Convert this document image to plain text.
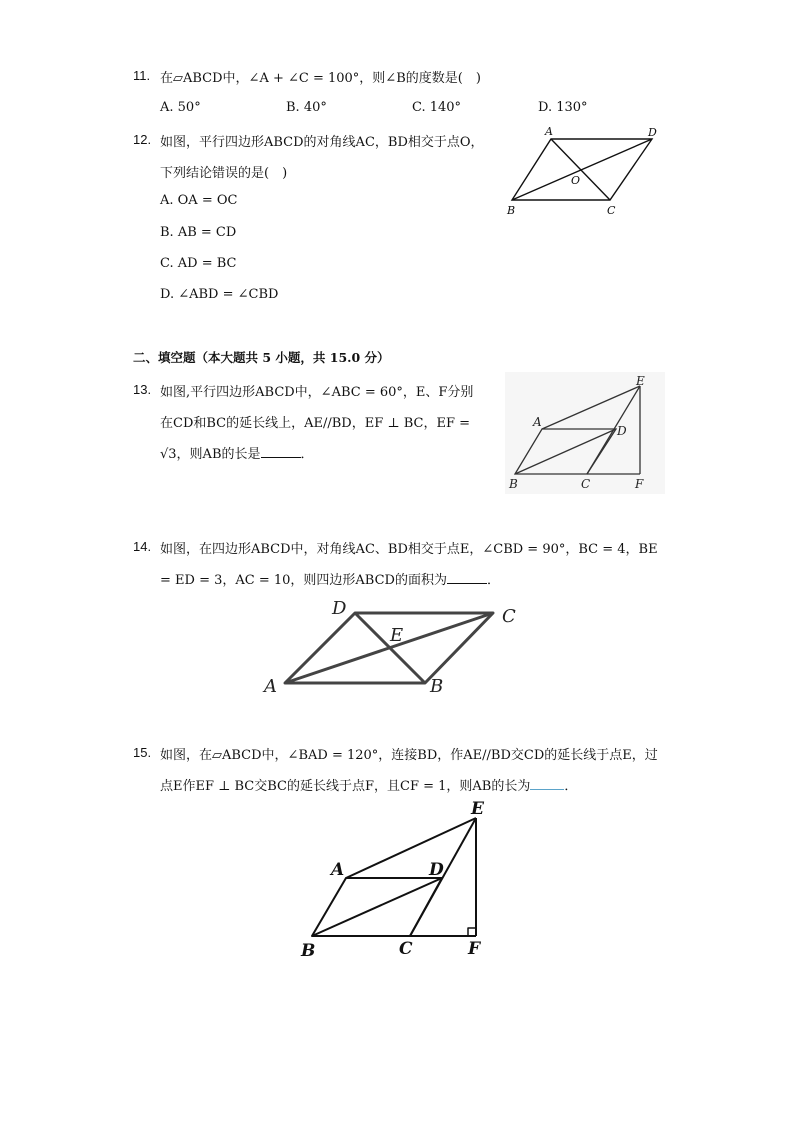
11. 在▱ABCD中，∠A + ∠C = 100°，则∠B的度数是(　)
A. 50°	B. 40°	C. 140°	D. 130°
12. 如图，平行四边形ABCD的对角线AC，BD相交于点O，
下列结论错误的是(　)
A. OA = OC
B. AB = CD
C. AD = BC
D. ∠ABD = ∠CBD
A	D
O
B	C
二、填空题（本大题共 5 小题，共 15.0 分）
13. 如图,平行四边形ABCD中，∠ABC = 60°，E、F分别
在CD和BC的延长线上，AE//BD，EF ⊥ BC，EF =
√3，则AB的长是	．
E
A
D
B	C	F
14. 如图，在四边形ABCD中，对角线AC、BD相交于点E，∠CBD = 90°，BC = 4，BE
= ED = 3，AC = 10，则四边形ABCD的面积为	．
D	C
E
A	B
15. 如图，在▱ABCD中，∠BAD = 120°，连接BD，作AE//BD交CD的延长线于点E，过
点E作EF ⊥ BC交BC的延长线于点F，且CF = 1，则AB的长为	．
E
A	D
B	C	F
